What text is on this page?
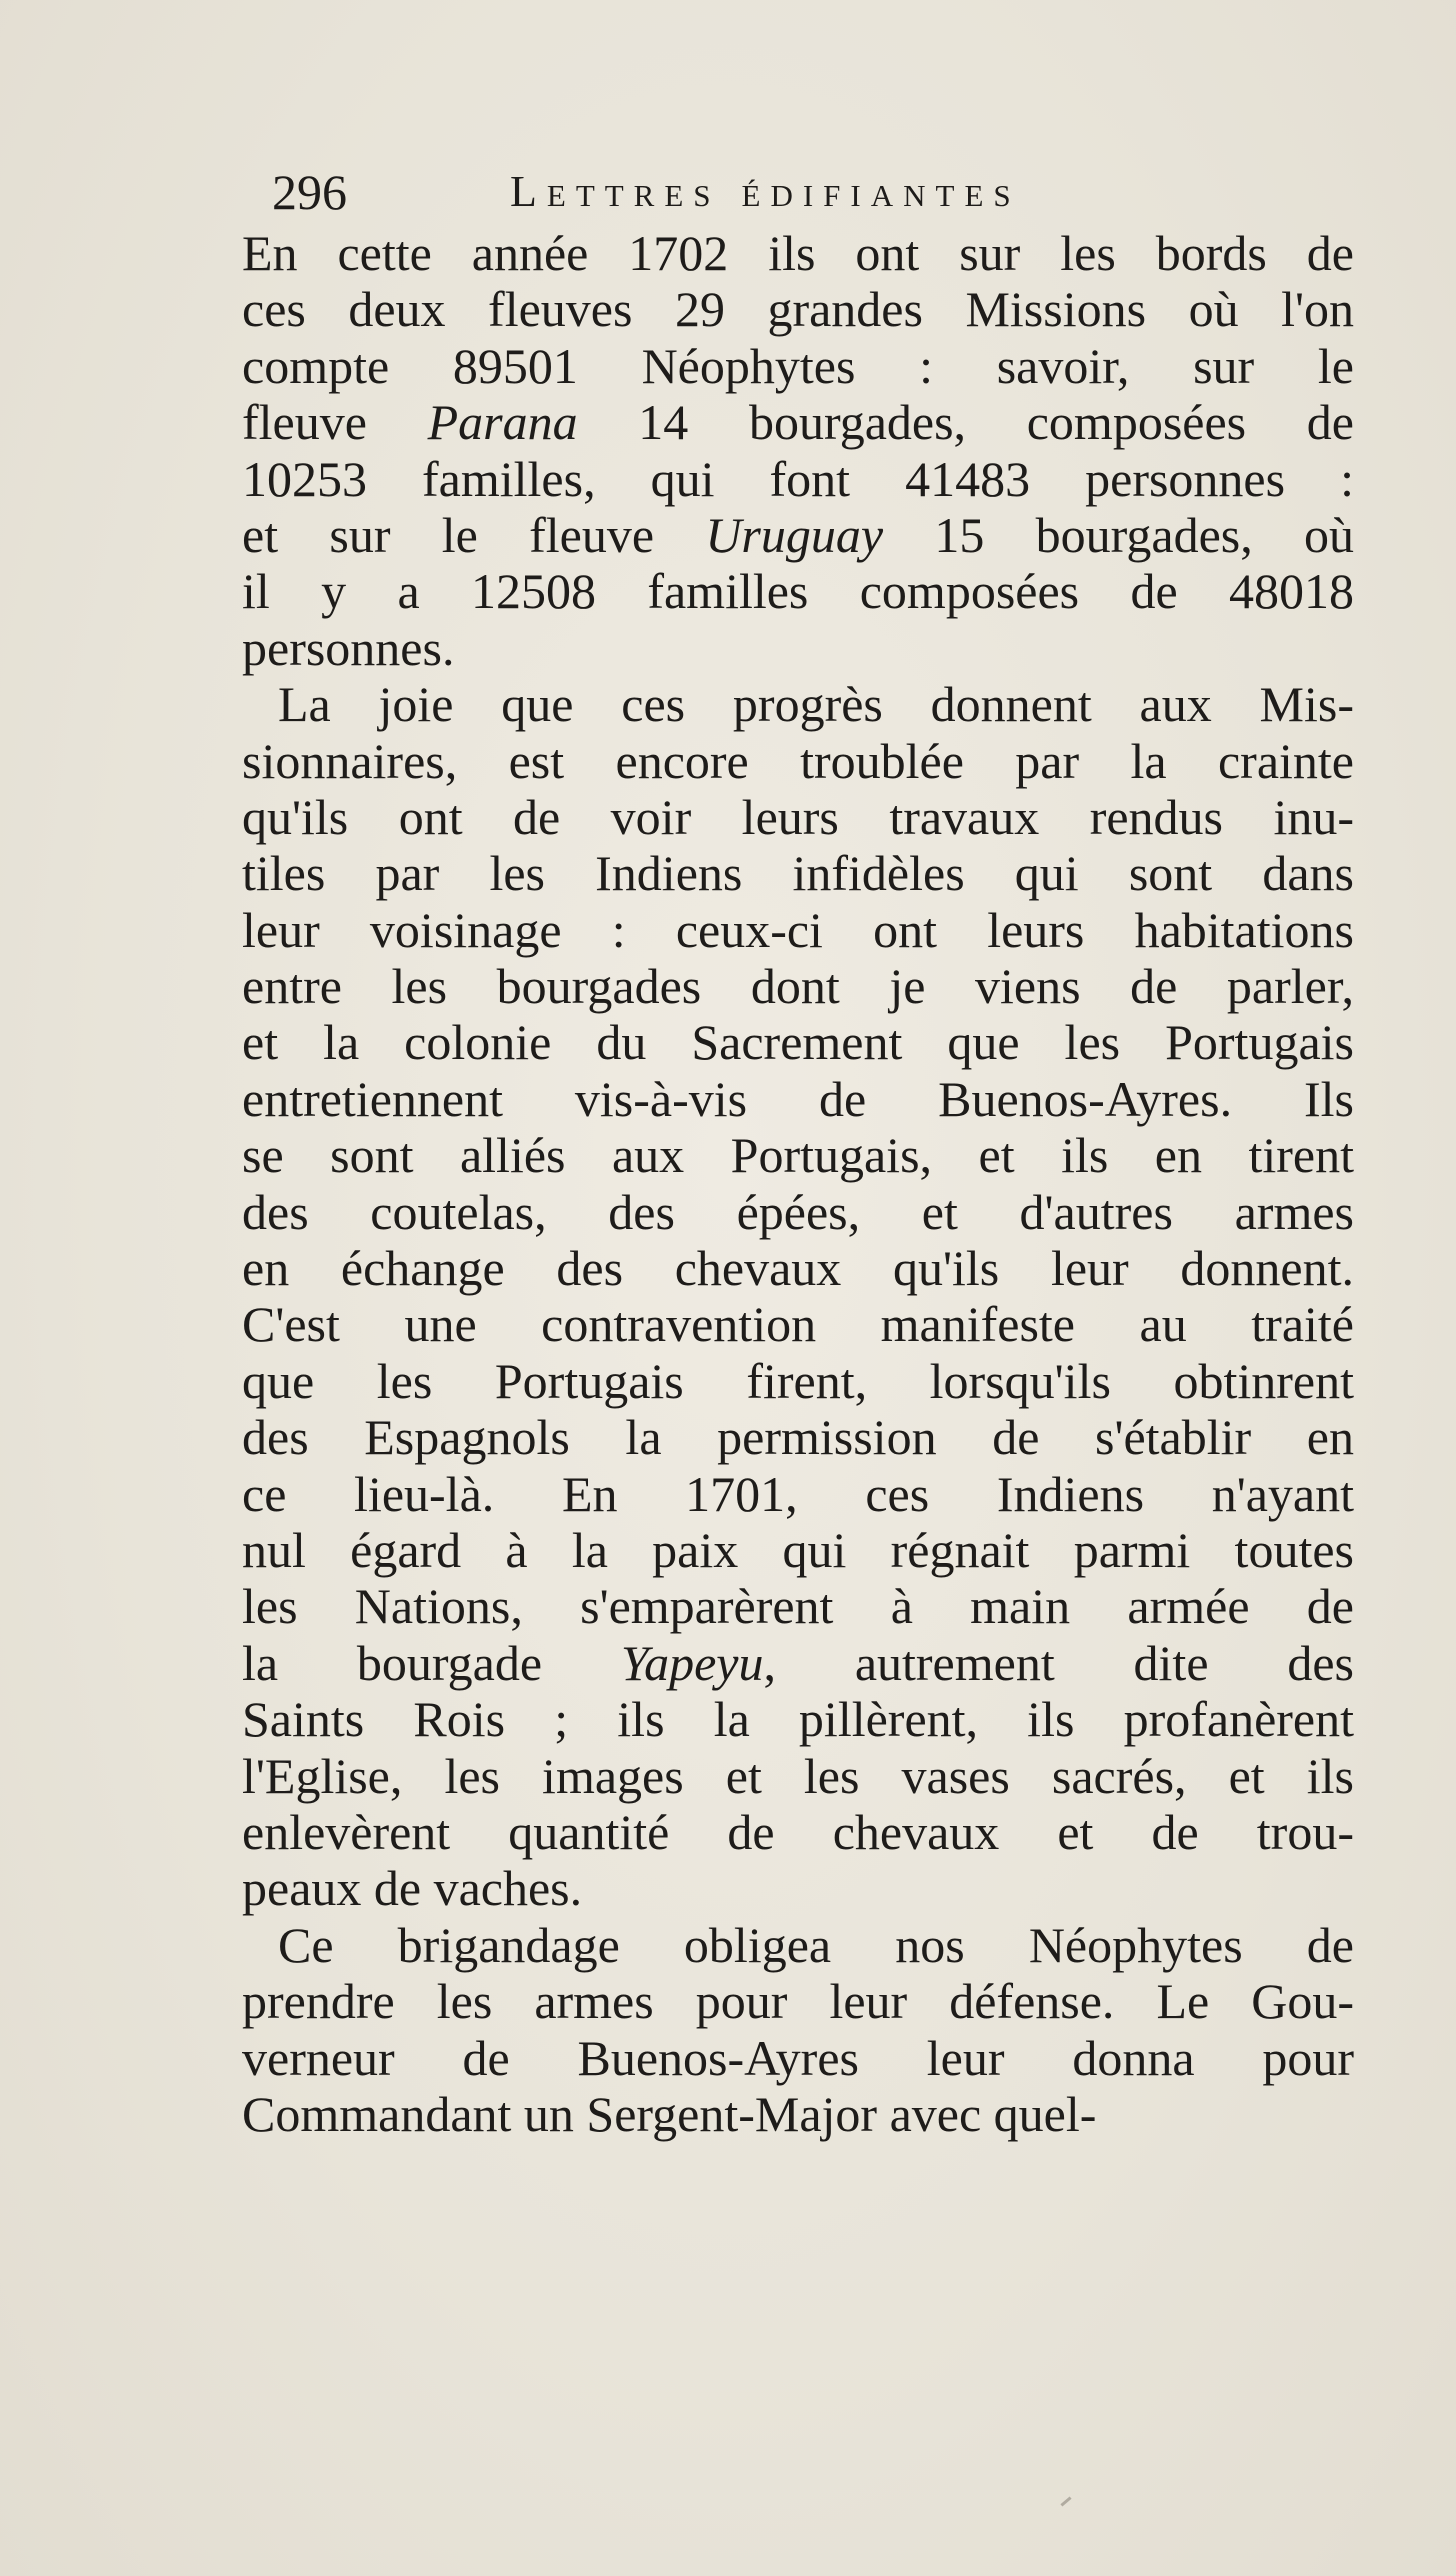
296	Lettres édifiantes
En cette année 1702 ils ont sur les bords de
ces deux fleuves 29 grandes Missions où l'on
compte 89501 Néophytes : savoir, sur le
fleuve Parana 14 bourgades, composées de
10253 familles, qui font 41483 personnes :
et sur le fleuve Uruguay 15 bourgades, où
il y a 12508 familles composées de 48018
personnes.
La joie que ces progrès donnent aux Mis-
sionnaires, est encore troublée par la crainte
qu'ils ont de voir leurs travaux rendus inu-
tiles par les Indiens infidèles qui sont dans
leur voisinage : ceux-ci ont leurs habitations
entre les bourgades dont je viens de parler,
et la colonie du Sacrement que les Portugais
entretiennent vis-à-vis de Buenos-Ayres. Ils
se sont alliés aux Portugais, et ils en tirent
des coutelas, des épées, et d'autres armes
en échange des chevaux qu'ils leur donnent.
C'est une contravention manifeste au traité
que les Portugais firent, lorsqu'ils obtinrent
des Espagnols la permission de s'établir en
ce lieu-là. En 1701, ces Indiens n'ayant
nul égard à la paix qui régnait parmi toutes
les Nations, s'emparèrent à main armée de
la bourgade Yapeyu, autrement dite des
Saints Rois ; ils la pillèrent, ils profanèrent
l'Eglise, les images et les vases sacrés, et ils
enlevèrent quantité de chevaux et de trou-
peaux de vaches.
Ce brigandage obligea nos Néophytes de
prendre les armes pour leur défense. Le Gou-
verneur de Buenos-Ayres leur donna pour
Commandant un Sergent-Major avec quel-
